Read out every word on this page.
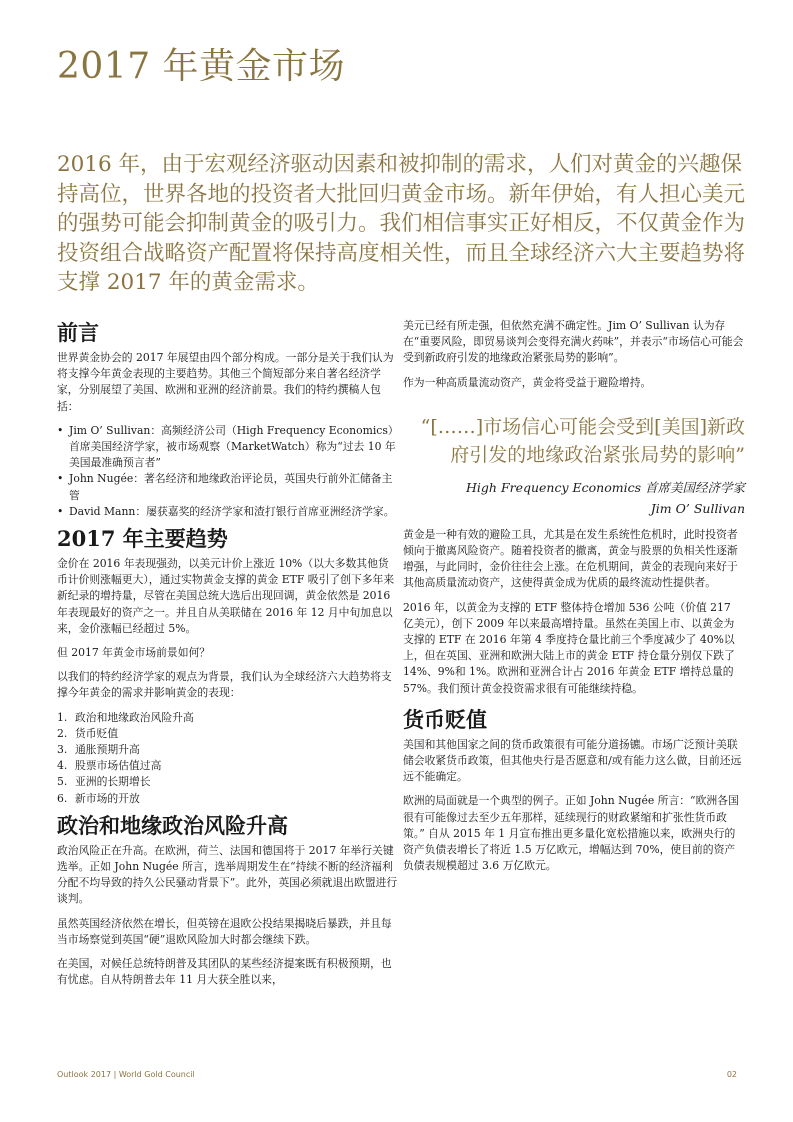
2017 年黄金市场

2016 年，由于宏观经济驱动因素和被抑制的需求，人们对黄金的兴趣保持高位，世界各地的投资者大批回归黄金市场。新年伊始，有人担心美元的强势可能会抑制黄金的吸引力。我们相信事实正好相反，不仅黄金作为投资组合战略资产配置将保持高度相关性，而且全球经济六大主要趋势将支撑 2017 年的黄金需求。

前言

世界黄金协会的 2017 年展望由四个部分构成。一部分是关于我们认为将支撑今年黄金表现的主要趋势。其他三个简短部分来自著名经济学家，分别展望了美国、欧洲和亚洲的经济前景。我们的特约撰稿人包括：

• Jim O’ Sullivan：高频经济公司（High Frequency Economics）首席美国经济学家，被市场观察（MarketWatch）称为“过去 10 年美国最准确预言者”
• John Nugée：著名经济和地缘政治评论员，英国央行前外汇储备主管
• David Mann：屡获嘉奖的经济学家和渣打银行首席亚洲经济学家。
2017 年主要趋势

金价在 2016 年表现强劲，以美元计价上涨近 10%（以大多数其他货币计价则涨幅更大），通过实物黄金支撑的黄金 ETF 吸引了创下多年来新纪录的增持量，尽管在美国总统大选后出现回调，黄金依然是 2016 年表现最好的资产之一。并且自从美联储在 2016 年 12 月中旬加息以来，金价涨幅已经超过 5%。

但 2017 年黄金市场前景如何？

以我们的特约经济学家的观点为背景，我们认为全球经济六大趋势将支撑今年黄金的需求并影响黄金的表现：

1. 政治和地缘政治风险升高
2. 货币贬值
3. 通胀预期升高
4. 股票市场估值过高
5. 亚洲的长期增长
6. 新市场的开放
政治和地缘政治风险升高

政治风险正在升高。在欧洲，荷兰、法国和德国将于 2017 年举行关键选举。正如 John Nugée 所言，选举周期发生在“持续不断的经济福利分配不均导致的持久公民骚动背景下”。此外，英国必须就退出欧盟进行谈判。

虽然英国经济依然在增长，但英镑在退欧公投结果揭晓后暴跌，并且每当市场察觉到英国“硬”退欧风险加大时都会继续下跌。

在美国，对候任总统特朗普及其团队的某些经济提案既有积极预期，也有忧虑。自从特朗普去年 11 月大获全胜以来，

美元已经有所走强，但依然充满不确定性。Jim O’ Sullivan 认为存在“重要风险，即贸易谈判会变得充满火药味”，并表示“市场信心可能会受到新政府引发的地缘政治紧张局势的影响”。

作为一种高质量流动资产，黄金将受益于避险增持。

“[……]市场信心可能会受到[美国]新政府引发的地缘政治紧张局势的影响”

High Frequency Economics 首席美国经济学家
Jim O’ Sullivan

黄金是一种有效的避险工具，尤其是在发生系统性危机时，此时投资者倾向于撤离风险资产。随着投资者的撤离，黄金与股票的负相关性逐渐增强，与此同时，金价往往会上涨。在危机期间，黄金的表现向来好于其他高质量流动资产，这使得黄金成为优质的最终流动性提供者。

2016 年，以黄金为支撑的 ETF 整体持仓增加 536 公吨（价值 217 亿美元），创下 2009 年以来最高增持量。虽然在美国上市、以黄金为支撑的 ETF 在 2016 年第 4 季度持仓量比前三个季度减少了 40%以上，但在英国、亚洲和欧洲大陆上市的黄金 ETF 持仓量分别仅下跌了 14%、9%和 1%。欧洲和亚洲合计占 2016 年黄金 ETF 增持总量的 57%。我们预计黄金投资需求很有可能继续持稳。

货币贬值

美国和其他国家之间的货币政策很有可能分道扬镳。市场广泛预计美联储会收紧货币政策，但其他央行是否愿意和/或有能力这么做，目前还远远不能确定。

欧洲的局面就是一个典型的例子。正如 John Nugée 所言：“欧洲各国很有可能像过去至少五年那样，延续现行的财政紧缩和扩张性货币政策。” 自从 2015 年 1 月宣布推出更多量化宽松措施以来，欧洲央行的资产负债表增长了将近 1.5 万亿欧元，增幅达到 70%，使目前的资产负债表规模超过 3.6 万亿欧元。

Outlook 2017 | World Gold Council	02
